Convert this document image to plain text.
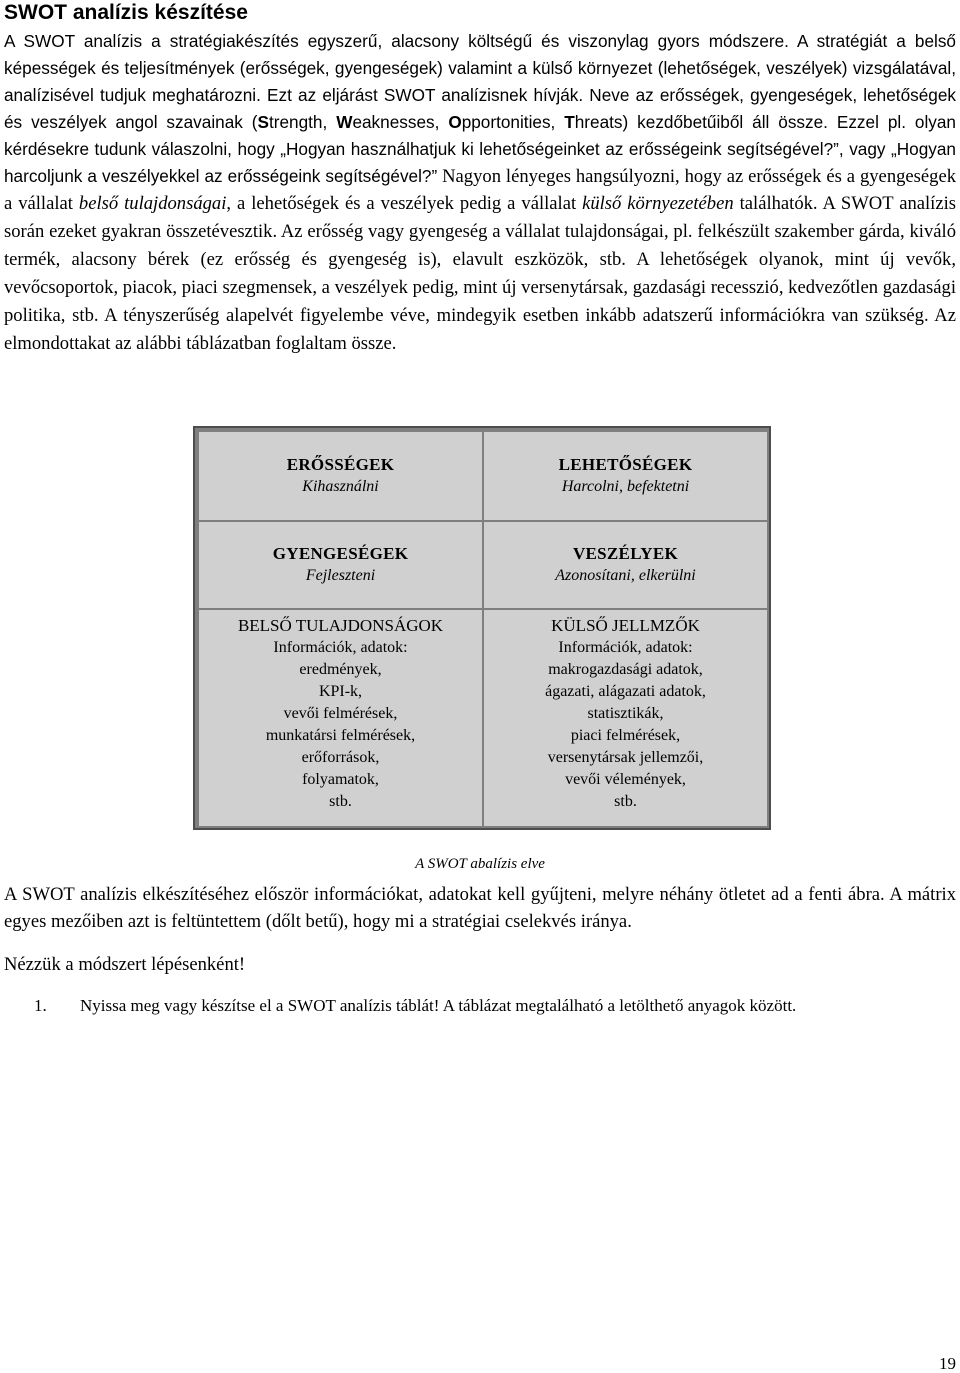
SWOT analízis készítése

A SWOT analízis a stratégiakészítés egyszerű, alacsony költségű és viszonylag gyors módszere. A stratégiát a belső képességek és teljesítmények (erősségek, gyengeségek) valamint a külső környezet (lehetőségek, veszélyek) vizsgálatával, analízisével tudjuk meghatározni. Ezt az eljárást SWOT analízisnek hívják. Neve az erősségek, gyengeségek, lehetőségek és veszélyek angol szavainak (Strength, Weaknesses, Opportonities, Threats) kezdőbetűiből áll össze. Ezzel pl. olyan kérdésekre tudunk válaszolni, hogy „Hogyan használhatjuk ki lehetőségeinket az erősségeink segítségével?”, vagy „Hogyan harcoljunk a veszélyekkel az erősségeink segítségével?” Nagyon lényeges hangsúlyozni, hogy az erősségek és a gyengeségek a vállalat belső tulajdonságai, a lehetőségek és a veszélyek pedig a vállalat külső környezetében találhatók. A SWOT analízis során ezeket gyakran összetévesztik. Az erősség vagy gyengeség a vállalat tulajdonságai, pl. felkészült szakember gárda, kiváló termék, alacsony bérek (ez erősség és gyengeség is), elavult eszközök, stb. A lehetőségek olyanok, mint új vevők, vevőcsoportok, piacok, piaci szegmensek, a veszélyek pedig, mint új versenytársak, gazdasági recesszió, kedvezőtlen gazdasági politika, stb. A tényszerűség alapelvét figyelembe véve, mindegyik esetben inkább adatszerű információkra van szükség. Az elmondottakat az alábbi táblázatban foglaltam össze.

ERŐSSÉGEK
Kihasználni
LEHETŐSÉGEK
Harcolni, befektetni
GYENGESÉGEK
Fejleszteni
VESZÉLYEK
Azonosítani, elkerülni
BELSŐ TULAJDONSÁGOK
Információk, adatok:
eredmények,
KPI-k,
vevői felmérések,
munkatársi felmérések,
erőforrások,
folyamatok,
stb.
KÜLSŐ JELLMZŐK
Információk, adatok:
makrogazdasági adatok,
ágazati, alágazati adatok,
statisztikák,
piaci felmérések,
versenytársak jellemzői,
vevői vélemények,
stb.

A SWOT abalízis elve

A SWOT analízis elkészítéséhez először információkat, adatokat kell gyűjteni, melyre néhány ötletet ad a fenti ábra. A mátrix egyes mezőiben azt is feltüntettem (dőlt betű), hogy mi a stratégiai cselekvés iránya.

Nézzük a módszert lépésenként!

1. Nyissa meg vagy készítse el a SWOT analízis táblát! A táblázat megtalálható a letölthető anyagok között.
19
